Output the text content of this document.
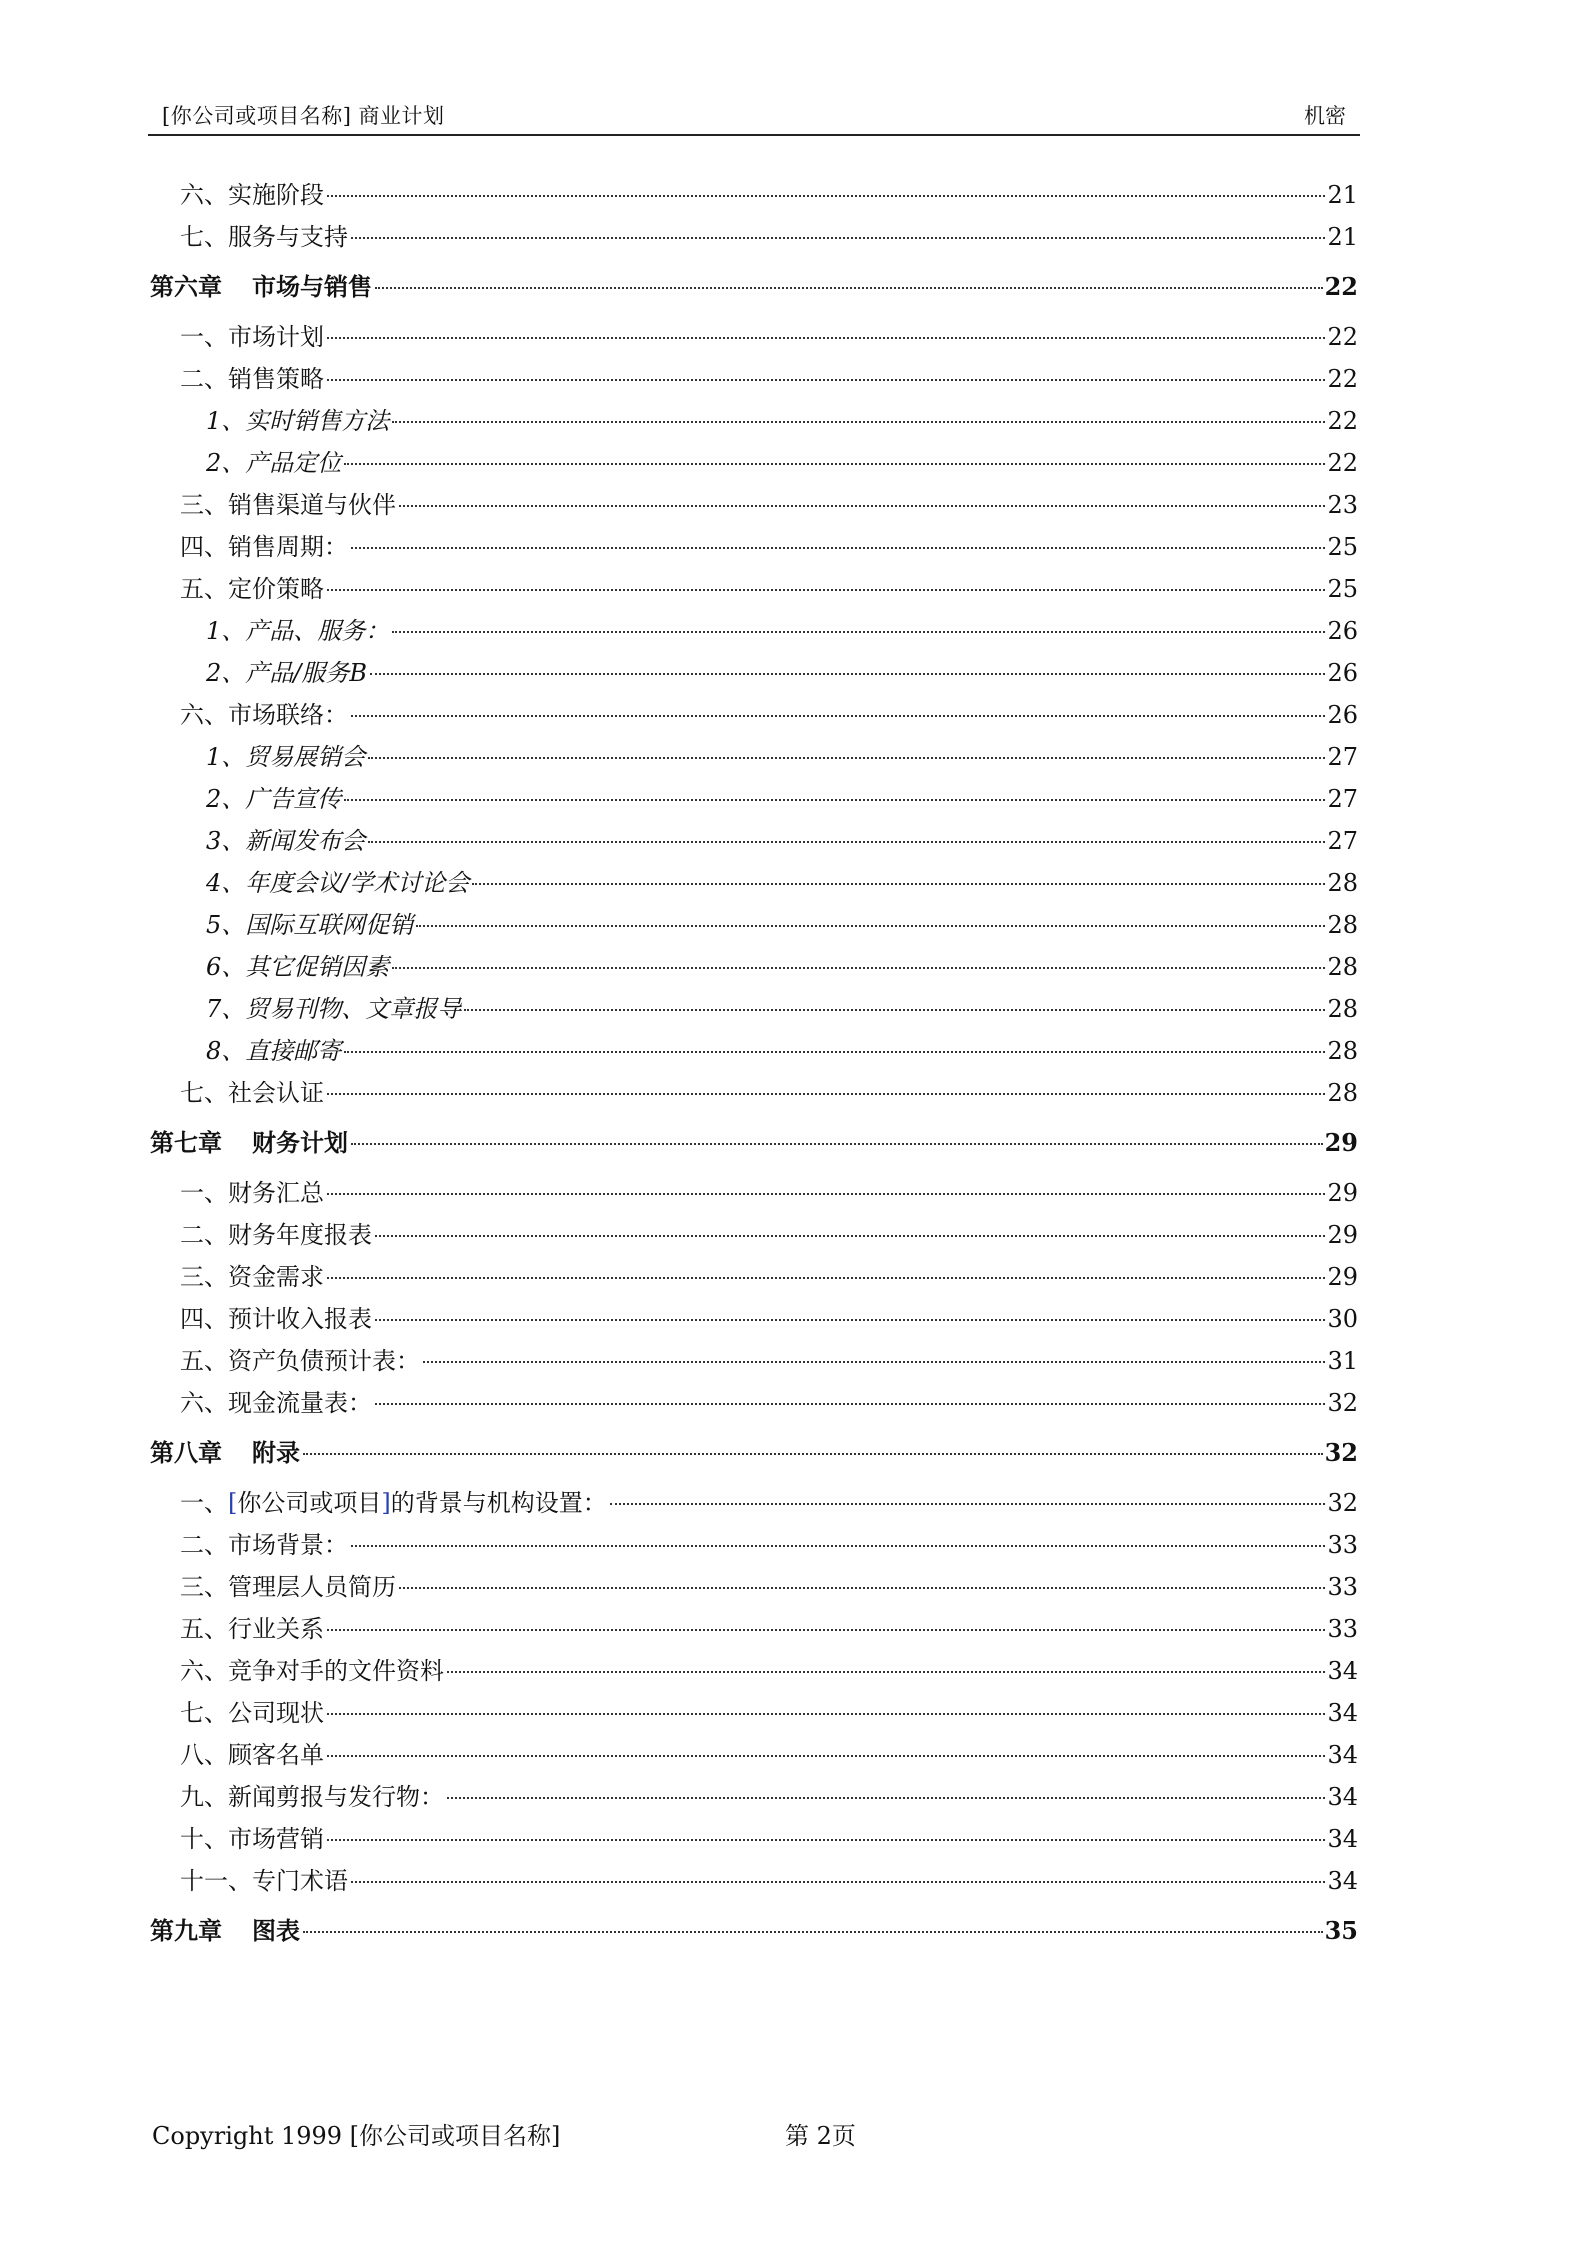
[你公司或项目名称] 商业计划	机密
六、实施阶段	21
七、服务与支持	21
第六章 市场与销售	22
一、市场计划	22
二、销售策略	22
1、实时销售方法	22
2、产品定位	22
三、销售渠道与伙伴	23
四、销售周期：	25
五、定价策略	25
1、产品、服务：	26
2、产品/服务B	26
六、市场联络：	26
1、贸易展销会	27
2、广告宣传	27
3、新闻发布会	27
4、年度会议/学术讨论会	28
5、国际互联网促销	28
6、其它促销因素	28
7、贸易刊物、文章报导	28
8、直接邮寄	28
七、社会认证	28
第七章 财务计划	29
一、财务汇总	29
二、财务年度报表	29
三、资金需求	29
四、预计收入报表	30
五、资产负债预计表：	31
六、现金流量表：	32
第八章 附录	32
一、[你公司或项目]的背景与机构设置：	32
二、市场背景：	33
三、管理层人员简历	33
五、行业关系	33
六、竞争对手的文件资料	34
七、公司现状	34
八、顾客名单	34
九、新闻剪报与发行物：	34
十、市场营销	34
十一、专门术语	34
第九章 图表	35
Copyright 1999 [你公司或项目名称]	第 2页
